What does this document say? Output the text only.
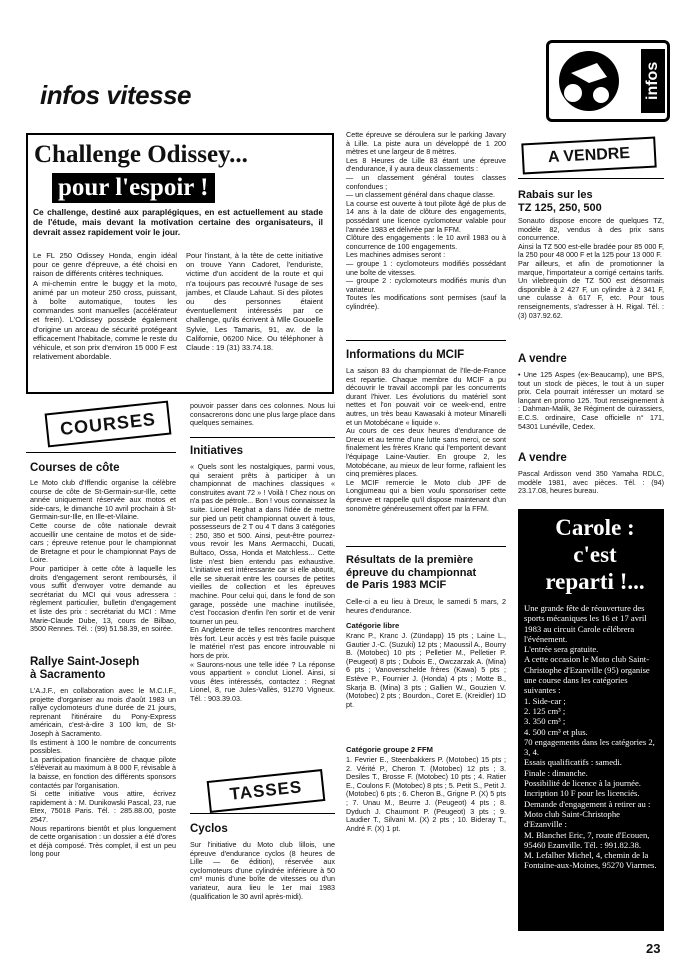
infos vitesse	infos
Challenge Odissey...
pour l'espoir !
Ce challenge, destiné aux paraplégiques, en est actuellement au stade de l'étude, mais devant la motivation certaine des organisateurs, il devrait assez rapidement voir le jour.
Le FL 250 Odissey Honda, engin idéal pour ce genre d'épreuve, a été choisi en raison de différents critères techniques.
A mi-chemin entre le buggy et la moto, animé par un moteur 250 cross, puissant, à boîte automatique, toutes les commandes sont manuelles (accélérateur et frein). L'Odissey possède également d'origine un arceau de sécurité protégeant efficacement l'habitacle, comme le reste du véhicule, et son prix d'environ 15 000 F est relativement abordable.
Pour l'instant, à la tête de cette initiative on trouve Yann Cadoret, l'enduriste, victime d'un accident de la route et qui n'a toujours pas recouvré l'usage de ses jambes, et Claude Lahaut. Si des pilotes ou des personnes étaient éventuellement intéressés par ce challenge, qu'ils écrivent à Mlle Gouoelle Sylvie, Les Tamaris, 91, av. de la Californie, 06200 Nice. Ou téléphoner à Claude : 19 (31) 33.74.18.
COURSES
Courses de côte
Le Moto club d'Iffendic organise la célèbre course de côte de St-Germain-sur-Ille, cette année uniquement réservée aux motos et side-cars, le dimanche 10 avril prochain à St-Germain-sur-Ille, en Ille-et-Vilaine.
Cette course de côte nationale devrait accueillir une centaine de motos et de side-cars ; épreuve retenue pour le championnat de Bretagne et pour le championnat Pays de Loire.
Pour participer à cette côte à laquelle les droits d'engagement seront remboursés, il vous suffit d'envoyer votre demande au secrétariat du MCI qui vous adressera : règlement particulier, bulletin d'engagement et liste des prix : secrétariat du MCI : Mme Marie-Claude Dube, 13, cours de Bilbao, 3500 Rennes. Tél. : (99) 51.58.39, en soirée.
Rallye Saint-Joseph
à Sacramento
L'A.J.F., en collaboration avec le M.C.I.F., projette d'organiser au mois d'août 1983 un rallye cyclomoteurs d'une durée de 21 jours, reprenant l'itinéraire du Pony-Express américain, c'est-à-dire 3 100 km, de St-Joseph à Sacramento.
Ils estiment à 100 le nombre de concurrents possibles.
La participation financière de chaque pilote s'élèverait au maximum à 8 000 F, révisable à la baisse, en fonction des différents sponsors contactés par l'organisation.
Si cette initiative vous attire, écrivez rapidement à : M. Dunikowski Pascal, 23, rue Etex, 75018 Paris. Tél. : 285.88.00, poste 2547.
Nous repartirons bientôt et plus longuement de cette organisation : un dossier a été d'ores et déjà composé. Très complet, il est un peu long pour
pouvoir passer dans ces colonnes. Nous lui consacrerons donc une plus large place dans quelques semaines.
Initiatives
« Quels sont les nostalgiques, parmi vous, qui seraient prêts à participer à un championnat de machines classiques « construites avant 72 » ! Voilà ! Chez nous on n'a pas de pétrole... Bon ! vous connaissez la suite. Lionel Reghat a dans l'idée de mettre sur pied un petit championnat ouvert à tous, possesseurs de 2 T ou 4 T dans 3 catégories : 250, 350 et 500. Ainsi, peut-être pourrez-vous revoir les Mans Aermacchi, Ducati, Bultaco, Ossa, Honda et Matchless... Cette liste n'est bien entendu pas exhaustive. L'initiative est intéressante car si elle aboutit, elle se situerait entre les courses de petites vieilles de collection et les épreuves machine. Pour celui qui, dans le fond de son garage, possède une machine inutilisée, c'est l'occasion d'enfin l'en sortir et de venir tourner un peu.
En Angleterre de telles rencontres marchent très fort. Leur accès y est très facile puisque le matériel n'est pas encore introuvable ni hors de prix.
« Saurons-nous une telle idée ? La réponse vous appartient » conclut Lionel. Ainsi, si vous êtes intéressés, contactez : Regnat Lionel, 8, rue Jules-Vallès, 91270 Vigneux. Tél. : 903.39.03.
TASSES
Cyclos
Sur l'initiative du Moto club lillois, une épreuve d'endurance cyclos (8 heures de Lille — 6e édition), réservée aux cyclomoteurs d'une cylindrée inférieure à 50 cm³ munis d'une boîte de vitesses ou d'un variateur, aura lieu le 1er mai 1983 (qualification le 30 avril après-midi).
Cette épreuve se déroulera sur le parking Javary à Lille. La piste aura un développé de 1 200 mètres et une largeur de 8 mètres.
Les 8 Heures de Lille 83 étant une épreuve d'endurance, il y aura deux classements :
— un classement général toutes classes confondues ;
— un classement général dans chaque classe.
La course est ouverte à tout pilote âgé de plus de 14 ans à la date de clôture des engagements, possédant une licence cyclomoteur valable pour l'année 1983 et délivrée par la FFM.
Clôture des engagements : le 10 avril 1983 ou à concurrence de 100 engagements.
Les machines admises seront :
— groupe 1 : cyclomoteurs modifiés possédant une boîte de vitesses.
— groupe 2 : cyclomoteurs modifiés munis d'un variateur.
Toutes les modifications sont permises (sauf la cylindrée).
Informations du MCIF
La saison 83 du championnat de l'Ile-de-France est repartie. Chaque membre du MCIF a pu découvrir le travail accompli par les concurrents durant l'hiver. Les évolutions du matériel sont nettes et l'on pouvait voir ce week-end, entre autres, un très beau Kawasaki à moteur Minarelli et un Motobécane « liquide ».
Au cours de ces deux heures d'endurance de Dreux et au terme d'une lutte sans merci, ce sont finalement les frères Kranc qui l'emportent devant l'équipage Laine-Vautier. En groupe 2, les Motobécane, au mieux de leur forme, raflaient les cinq premières places.
Le MCIF remercie le Moto club JPF de Longjumeau qui a bien voulu sponsoriser cette épreuve et rappelle qu'il dispose maintenant d'un sonomètre généreusement offert par la FFM.
Résultats de la première
épreuve du championnat
de Paris 1983 MCIF
Celle-ci a eu lieu à Dreux, le samedi 5 mars, 2 heures d'endurance.
Catégorie libre
Kranc P., Kranc J. (Zündapp) 15 pts ; Laine L., Gautier J.-C. (Suzuki) 12 pts ; Maoussil A., Bourry B. (Motobec) 10 pts ; Pelletier M., Pelletier P. (Peugeot) 8 pts ; Dubois E., Owczarzak A. (Mina) 6 pts ; Vanoverschelde frères (Kawa) 5 pts ; Estève P., Fournier J. (Honda) 4 pts ; Motte B., Skarja B. (Mina) 3 pts ; Gallien W., Gouzien V. (Motobec) 2 pts ; Bourdon., Coret E. (Kreidler) 1D pt.
Catégorie groupe 2 FFM
1. Fevrier E., Steenbakkers P. (Motobec) 15 pts ; 2. Vérité P., Cheron T. (Motobec) 12 pts ; 3. Desiles T., Brosse F. (Motobec) 10 pts ; 4. Ratier E., Coulons F. (Motobec) 8 pts ; 5. Petit S., Petit J. (Motobec) 6 pts ; 6. Cheron B., Grigne P. (X) 5 pts ; 7. Unau M., Beurre J. (Peugeot) 4 pts ; 8. Dyduch J. Chaumont P. (Peugeot) 3 pts ; 9. Laudier T., Silvani M. (X) 2 pts ; 10. Bideray T., André F. (X) 1 pt.
A VENDRE
Rabais sur les
TZ 125, 250, 500
Sonauto dispose encore de quelques TZ, modèle 82, vendus à des prix sans concurrence.
Ainsi la TZ 500 est-elle bradée pour 85 000 F, la 250 pour 48 000 F et la 125 pour 13 000 F.
Par ailleurs, et afin de promotionner la marque, l'importateur a corrigé certains tarifs. Un vilebrequin de TZ 500 est désormais disponible à 2 427 F, un cylindre à 2 341 F, une culasse à 617 F, etc. Pour tous renseignements, s'adresser à H. Rigal. Tél. : (3) 037.92.62.
A vendre
• Une 125 Aspes (ex-Beaucamp), une BPS, tout un stock de pièces, le tout à un super prix. Cela pourrait intéresser un motard se lançant en promo 125. Tout renseignement à : Dahman-Malik, 3e Régiment de cuirassiers, E.C.S. ordinaire, Case officielle n° 171, 54301 Lunéville, Cedex.
A vendre
Pascal Ardisson vend 350 Yamaha RDLC, modèle 1981, avec pièces. Tél. : (94) 23.17.08, heures bureau.
Carole :
c'est
reparti !...
Une grande fête de réouverture des sports mécaniques les 16 et 17 avril 1983 au circuit Carole célébrera l'événement.
L'entrée sera gratuite.
A cette occasion le Moto club Saint-Christophe d'Ezanville (95) organise une course dans les catégories suivantes :
1. Side-car ;
2. 125 cm³ ;
3. 350 cm³ ;
4. 500 cm³ et plus.
70 engagements dans les catégories 2, 3, 4.
Essais qualificatifs : samedi.
Finale : dimanche.
Possibilité de licence à la journée.
Incription 10 F pour les licenciés.
Demande d'engagement à retirer au :
Moto club Saint-Christophe d'Ezanville :
M. Blanchet Eric, 7, route d'Ecouen, 95460 Ezanville. Tél. : 991.82.38.
M. Lefalher Michel, 4, chemin de la Fontaine-aux-Moines, 95270 Viarmes.
23
